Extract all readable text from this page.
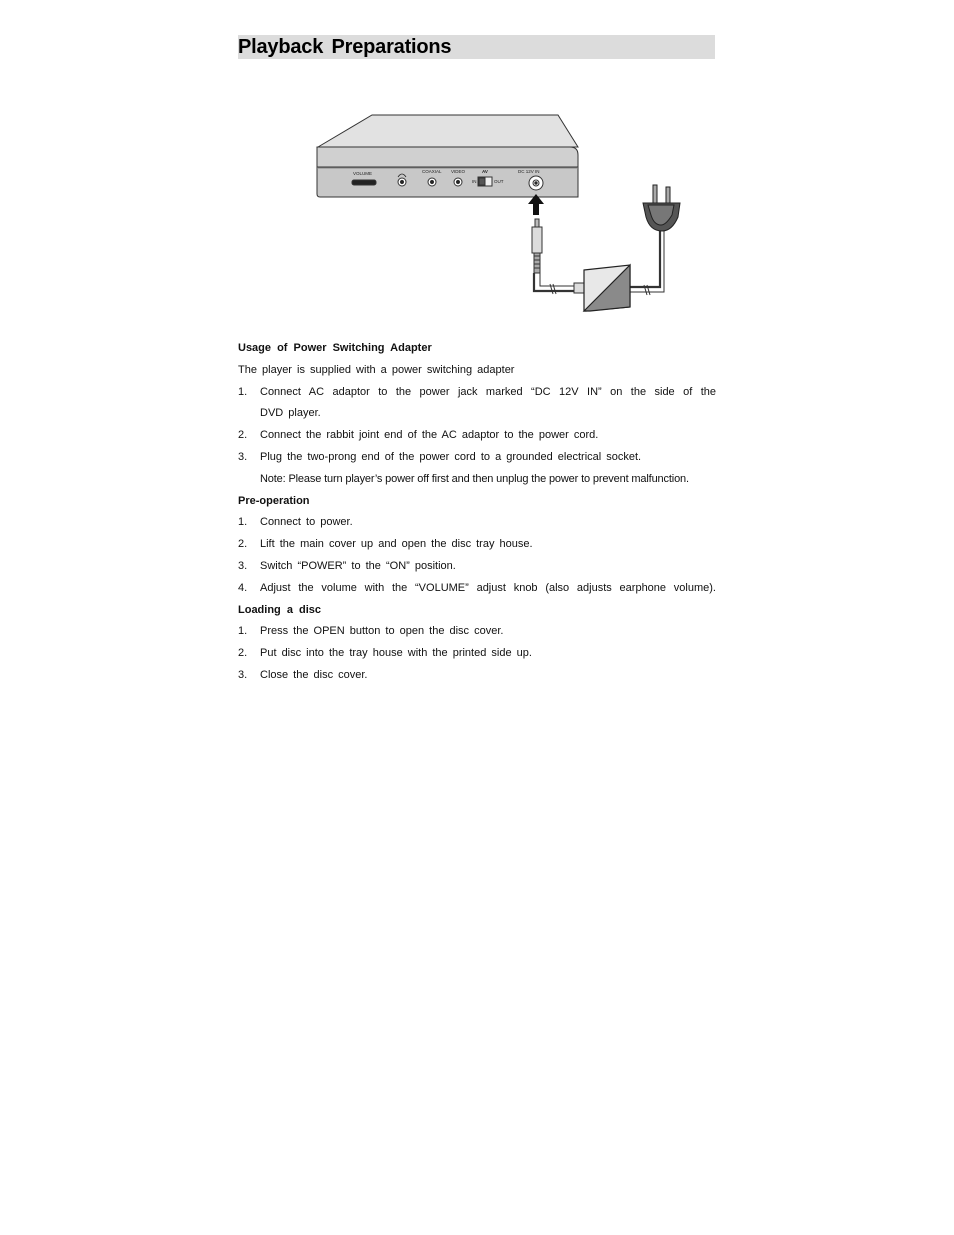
Playback Preparations
VOLUME	COAXIAL VIDEO	AV
IN	OUT
DC 12V IN
Usage of Power Switching Adapter
The player is supplied with a power switching adapter
1. Connect AC adaptor to the power jack marked “DC 12V IN” on the side of the
DVD player.
2. Connect the rabbit joint end of the AC adaptor to the power cord.
3. Plug the two-prong end of the power cord to a grounded electrical socket.
Note: Please turn player’s power off first and then unplug the power to prevent malfunction.
Pre-operation
1. Connect to power.
2. Lift the main cover up and open the disc tray house.
3. Switch “POWER” to the “ON” position.
4. Adjust the volume with the “VOLUME” adjust knob (also adjusts earphone volume).
Loading a disc
1. Press the OPEN button to open the disc cover.
2. Put disc into the tray house with the printed side up.
3. Close the disc cover.
